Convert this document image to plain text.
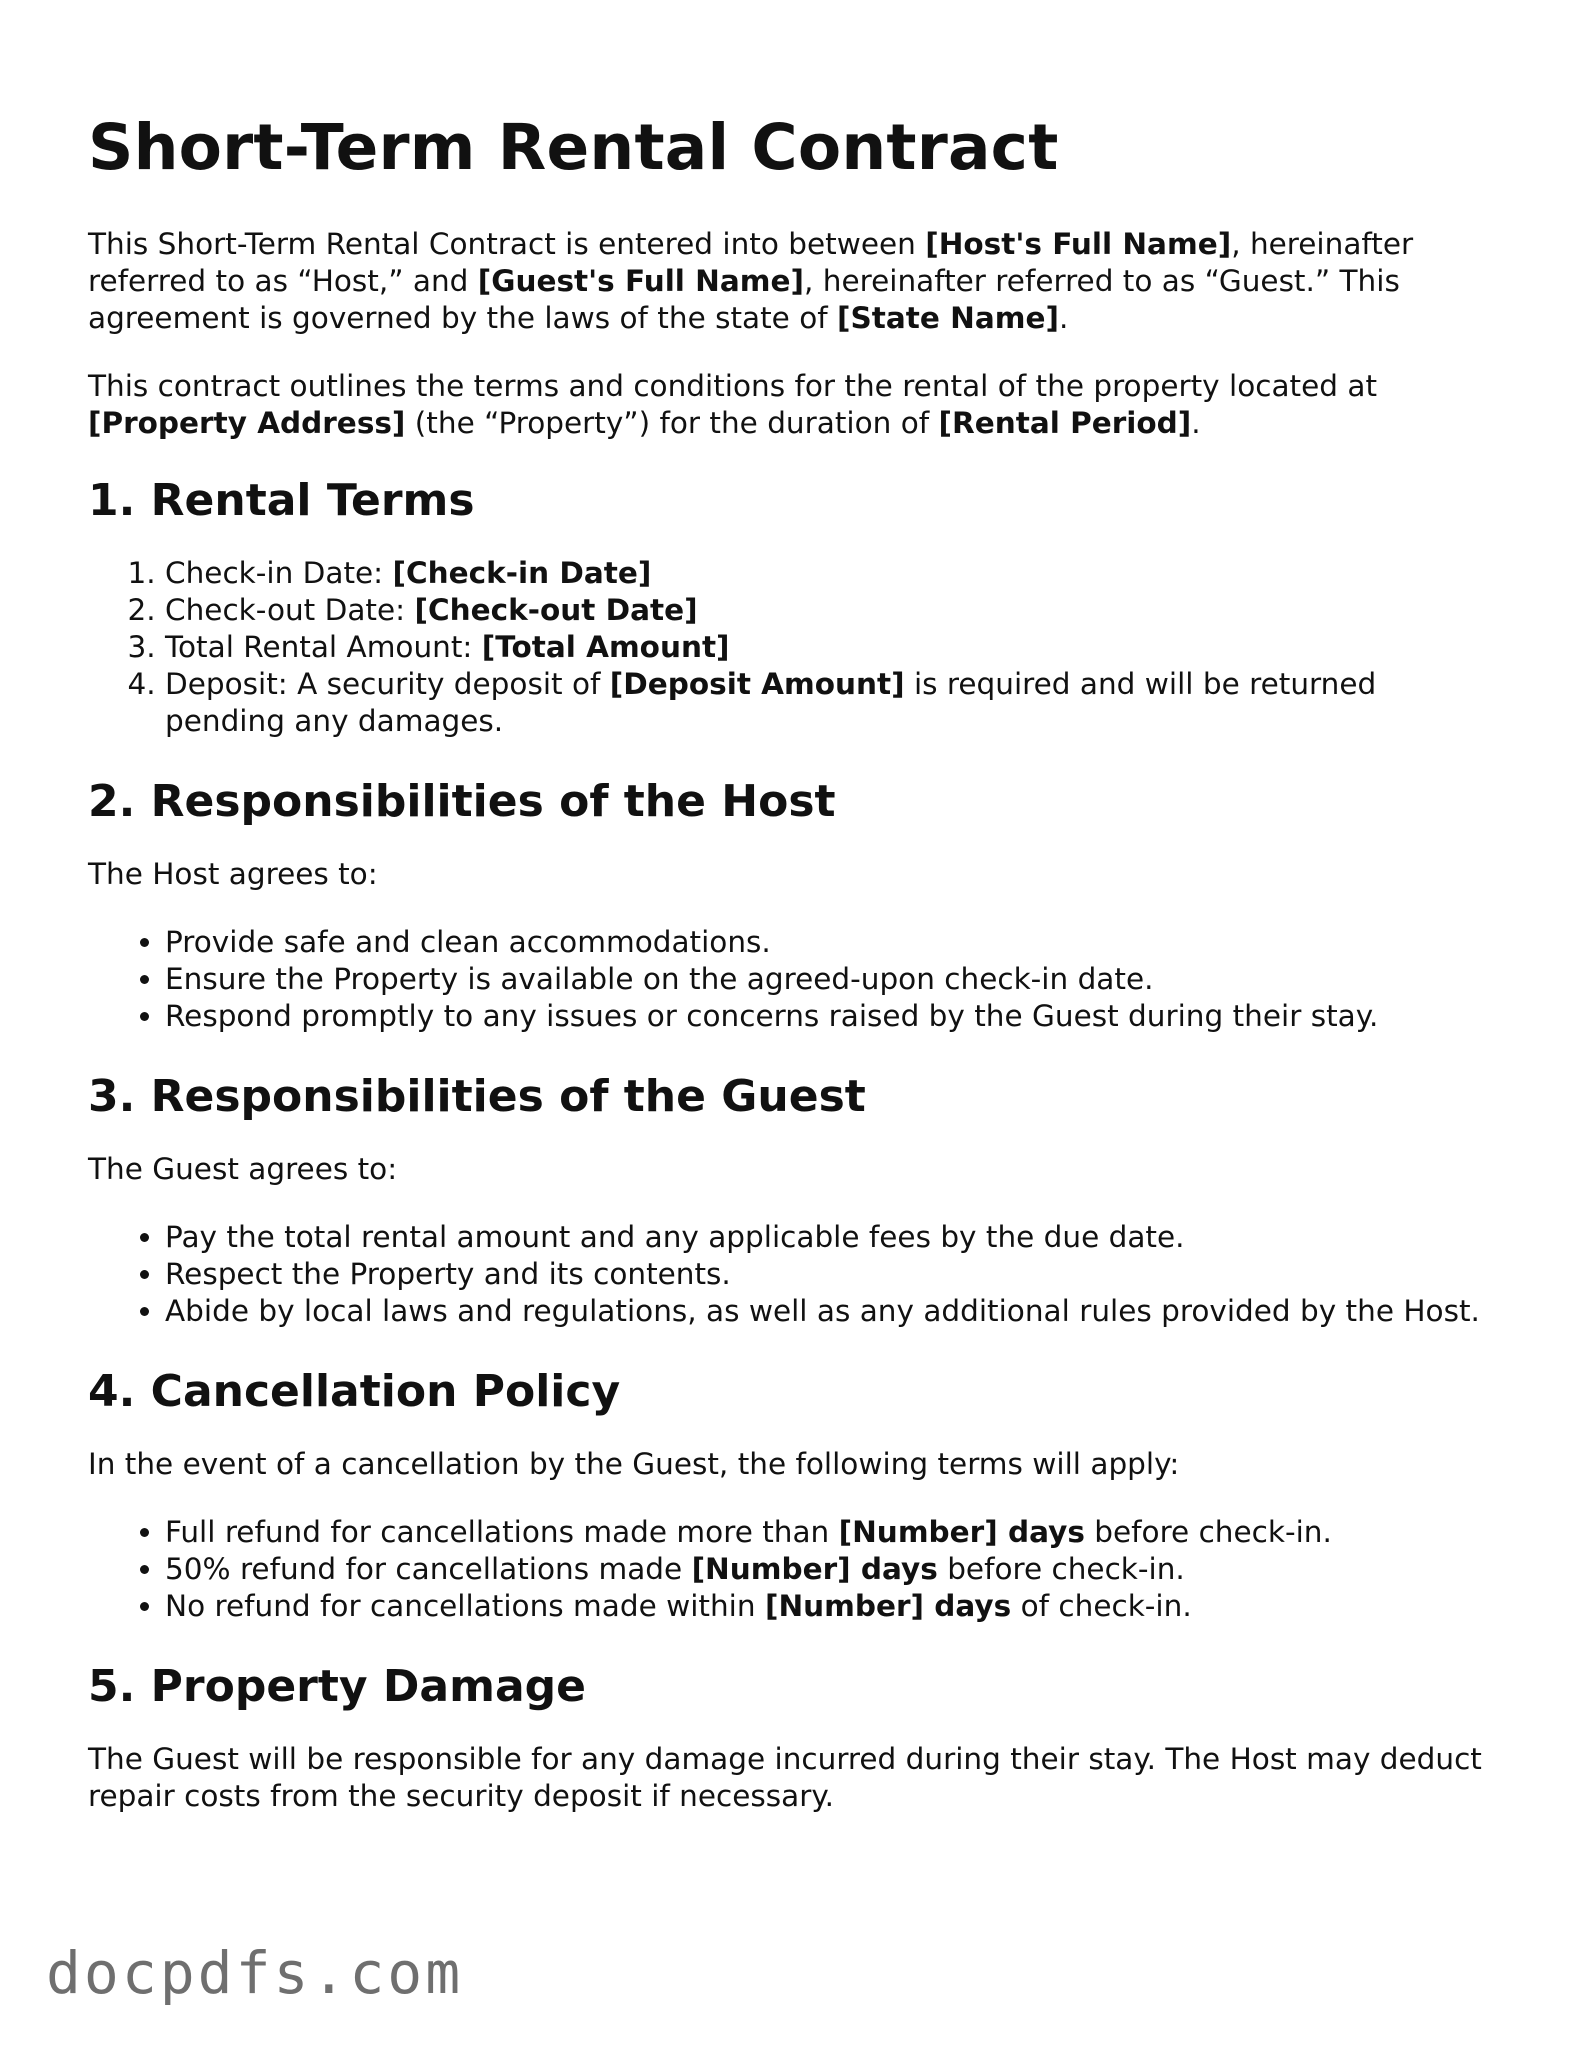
Short-Term Rental Contract

This Short-Term Rental Contract is entered into between [Host's Full Name], hereinafter referred to as “Host,” and [Guest's Full Name], hereinafter referred to as “Guest.” This agreement is governed by the laws of the state of [State Name].

This contract outlines the terms and conditions for the rental of the property located at [Property Address] (the “Property”) for the duration of [Rental Period].

1. Rental Terms
1. Check-in Date: [Check-in Date]
2. Check-out Date: [Check-out Date]
3. Total Rental Amount: [Total Amount]
4. Deposit: A security deposit of [Deposit Amount] is required and will be returned pending any damages.
2. Responsibilities of the Host

The Host agrees to:

• Provide safe and clean accommodations.
• Ensure the Property is available on the agreed-upon check-in date.
• Respond promptly to any issues or concerns raised by the Guest during their stay.
3. Responsibilities of the Guest

The Guest agrees to:

• Pay the total rental amount and any applicable fees by the due date.
• Respect the Property and its contents.
• Abide by local laws and regulations, as well as any additional rules provided by the Host.
4. Cancellation Policy

In the event of a cancellation by the Guest, the following terms will apply:

• Full refund for cancellations made more than [Number] days before check-in.
• 50% refund for cancellations made [Number] days before check-in.
• No refund for cancellations made within [Number] days of check-in.
5. Property Damage

The Guest will be responsible for any damage incurred during their stay. The Host may deduct repair costs from the security deposit if necessary.

docpdfs.com
